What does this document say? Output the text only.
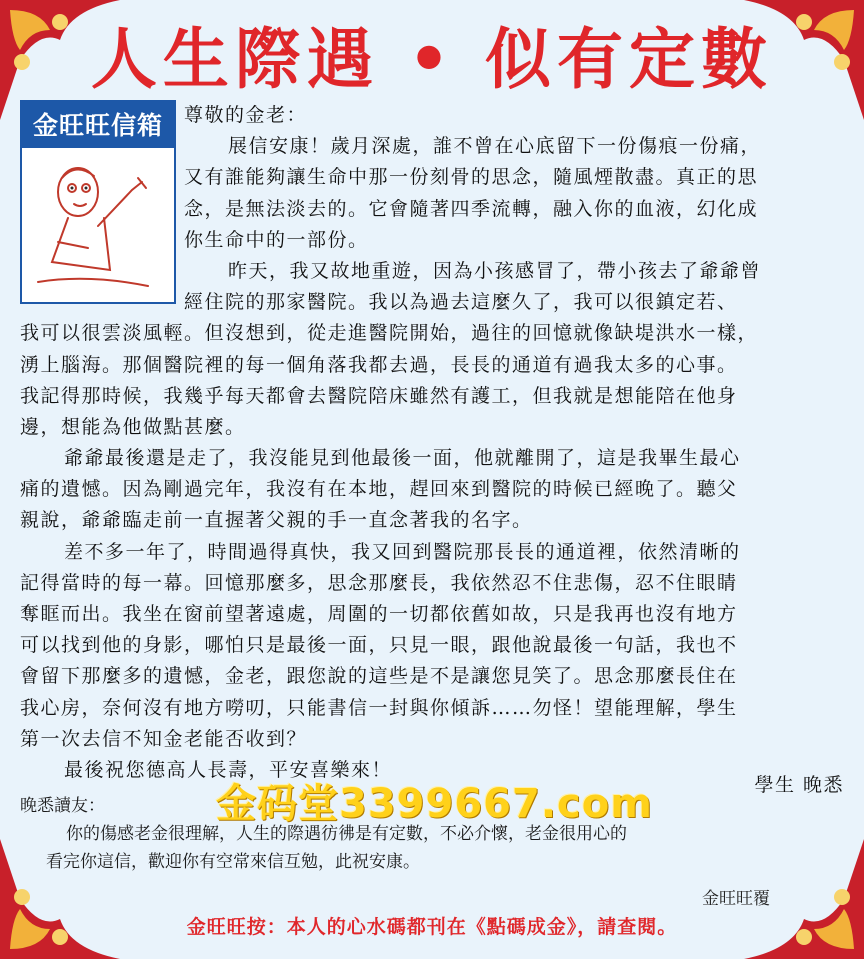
人生際遇 • 似有定數
金旺旺信箱	尊敬的金老：
展信安康！歲月深處，誰不曾在心底留下一份傷痕一份痛，
又有誰能夠讓生命中那一份刻骨的思念，隨風煙散盡。真正的思
念，是無法淡去的。它會隨著四季流轉，融入你的血液，幻化成
你生命中的一部份。
昨天，我又故地重遊，因為小孩感冒了，帶小孩去了爺爺曾
經住院的那家醫院。我以為過去這麼久了，我可以很鎮定若、
我可以很雲淡風輕。但沒想到，從走進醫院開始，過往的回憶就像缺堤洪水一樣，
湧上腦海。那個醫院裡的每一個角落我都去過，長長的通道有過我太多的心事。
我記得那時候，我幾乎每天都會去醫院陪床雖然有護工，但我就是想能陪在他身
邊，想能為他做點甚麼。
爺爺最後還是走了，我沒能見到他最後一面，他就離開了，這是我畢生最心
痛的遺憾。因為剛過完年，我沒有在本地，趕回來到醫院的時候已經晚了。聽父
親說，爺爺臨走前一直握著父親的手一直念著我的名字。
差不多一年了，時間過得真快，我又回到醫院那長長的通道裡，依然清晰的
記得當時的每一幕。回憶那麼多，思念那麼長，我依然忍不住悲傷，忍不住眼睛
奪眶而出。我坐在窗前望著遠處，周圍的一切都依舊如故，只是我再也沒有地方
可以找到他的身影，哪怕只是最後一面，只見一眼，跟他說最後一句話，我也不
會留下那麼多的遺憾，金老，跟您說的這些是不是讓您見笑了。思念那麼長住在
我心房，奈何沒有地方嘮叨，只能書信一封與你傾訴……勿怪！望能理解，學生
第一次去信不知金老能否收到？
最後祝您德高人長壽，平安喜樂來！
學生 晚悉
晚悉讀友：
你的傷感老金很理解，人生的際遇彷彿是有定數，不必介懷，老金很用心的
看完你這信，歡迎你有空常來信互勉，此祝安康。
金旺旺覆
金码堂3399667.com
金旺旺按：本人的心水碼都刊在《點碼成金》，請查閱。
